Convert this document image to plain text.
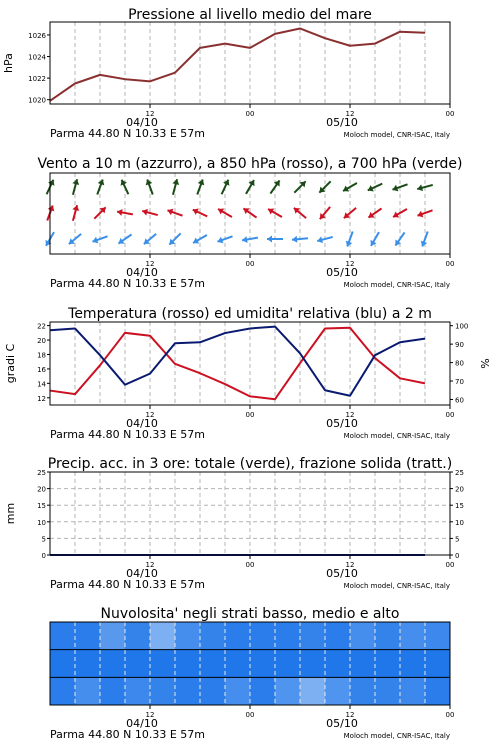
Pressione al livello medio del mare
12	00	12	00
04/10	05/10
Parma 44.80 N 10.33 E 57m	Moloch model, CNR-ISAC, Italy
1020
1022
1024
1026
hPa
Vento a 10 m (azzurro), a 850 hPa (rosso), a 700 hPa (verde)
12	00	12	00
04/10	05/10
Parma 44.80 N 10.33 E 57m	Moloch model, CNR-ISAC, Italy
Temperatura (rosso) ed umidita' relativa (blu) a 2 m
12	00	12	00
04/10	05/10
Parma 44.80 N 10.33 E 57m	Moloch model, CNR-ISAC, Italy
12
14
16
18
20
22
60
70
80
90
100
gradi C	%
Precip. acc. in 3 ore: totale (verde), frazione solida (tratt.)
12	00	12	00
04/10	05/10
Parma 44.80 N 10.33 E 57m	Moloch model, CNR-ISAC, Italy
0
5
10
15
20
25
0
5
10
15
20
25
mm
Nuvolosita' negli strati basso, medio e alto
12	00	12	00
04/10	05/10
Parma 44.80 N 10.33 E 57m	Moloch model, CNR-ISAC, Italy
